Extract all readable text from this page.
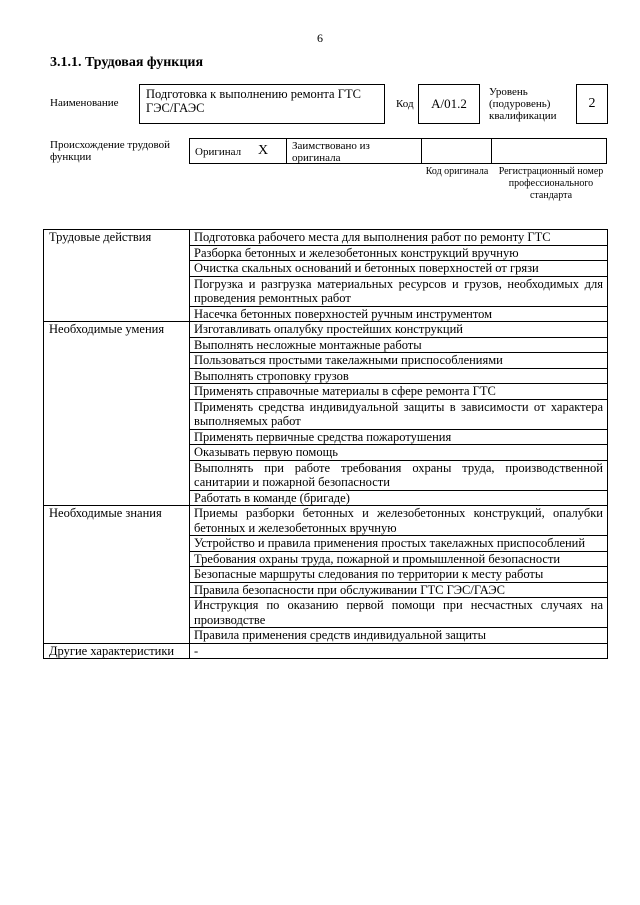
6
3.1.1. Трудовая функция
Наименование
Подготовка к выполнению ремонта ГТС ГЭС/ГАЭС	Код А/01.2
Уровень (подуровень) квалификации
2
Происхождение трудовой функции	Оригинал X Заимствовано из оригинала
Код оригинала	Регистрационный номер профессионального стандарта
Трудовые действия	Подготовка рабочего места для выполнения работ по ремонту ГТС
	Разборка бетонных и железобетонных конструкций вручную
	Очистка скальных оснований и бетонных поверхностей от грязи
	Погрузка и разгрузка материальных ресурсов и грузов, необходимых для проведения ремонтных работ
	Насечка бетонных поверхностей ручным инструментом
Необходимые умения	Изготавливать опалубку простейших конструкций
	Выполнять несложные монтажные работы
	Пользоваться простыми такелажными приспособлениями
	Выполнять строповку грузов
	Применять справочные материалы в сфере ремонта ГТС
	Применять средства индивидуальной защиты в зависимости от характера выполняемых работ
	Применять первичные средства пожаротушения
	Оказывать первую помощь
	Выполнять при работе требования охраны труда, производственной санитарии и пожарной безопасности
	Работать в команде (бригаде)
Необходимые знания	Приемы разборки бетонных и железобетонных конструкций, опалубки бетонных и железобетонных вручную
	Устройство и правила применения простых такелажных приспособлений
	Требования охраны труда, пожарной и промышленной безопасности
	Безопасные маршруты следования по территории к месту работы
	Правила безопасности при обслуживании ГТС ГЭС/ГАЭС
	Инструкция по оказанию первой помощи при несчастных случаях на производстве
	Правила применения средств индивидуальной защиты
Другие характеристики	-
